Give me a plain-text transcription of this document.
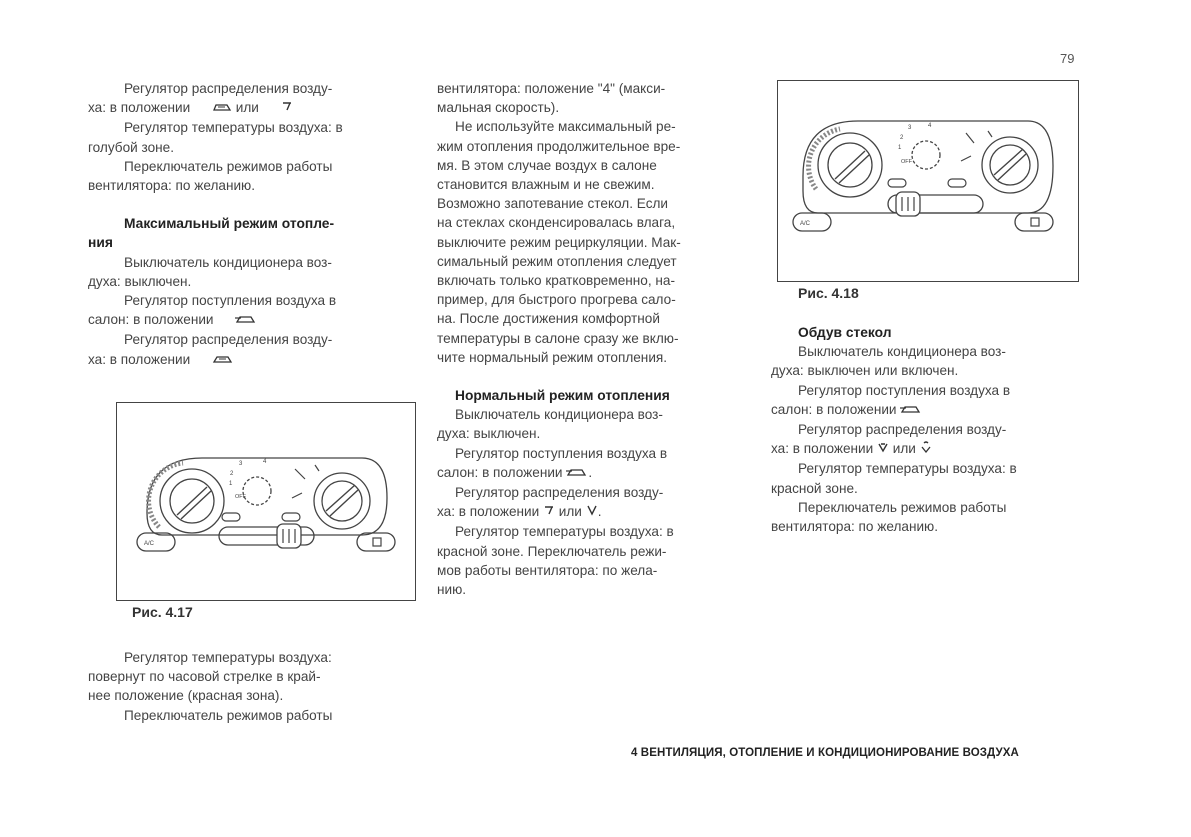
79

Регулятор распределения возду-
ха: в положении	или

Регулятор температуры воздуха: в
голубой зоне.

Переключатель режимов работы
вентилятора: по желанию.

Максимальный режим отопле-
ния

Выключатель кондиционера воз-
духа: выключен.

Регулятор поступления воздуха в
салон: в положении

Регулятор распределения возду-
ха: в положении

OFF
3	4
2
1
A/C
Рис. 4.17

Регулятор температуры воздуха:
повернут по часовой стрелке в край-
нее положение (красная зона).

Переключатель режимов работы

вентилятора: положение "4" (макси-

мальная скорость).

Не используйте максимальный ре-

жим отопления продолжительное вре-

мя. В этом случае воздух в салоне

становится влажным и не свежим.

Возможно запотевание стекол. Если

на стеклах сконденсировалась влага,

выключите режим рециркуляции. Мак-

симальный режим отопления следует

включать только кратковременно, на-

пример, для быстрого прогрева сало-

на. После достижения комфортной

температуры в салоне сразу же вклю-

чите нормальный режим отопления.

Нормальный режим отопления

Выключатель кондиционера воз-

духа: выключен.

Регулятор поступления воздуха в

салон: в положении .

Регулятор распределения возду-

ха: в положении или .

Регулятор температуры воздуха: в

красной зоне. Переключатель режи-

мов работы вентилятора: по жела-

нию.

OFF
3	4
2
1
A/C
Рис. 4.18
Обдув стекол

Выключатель кондиционера воз-

духа: выключен или включен.

Регулятор поступления воздуха в

салон: в положении

Регулятор распределения возду-

ха: в положении или

Регулятор температуры воздуха: в

красной зоне.

Переключатель режимов работы

вентилятора: по желанию.

4 ВЕНТИЛЯЦИЯ, ОТОПЛЕНИЕ И КОНДИЦИОНИРОВАНИЕ ВОЗДУХА
